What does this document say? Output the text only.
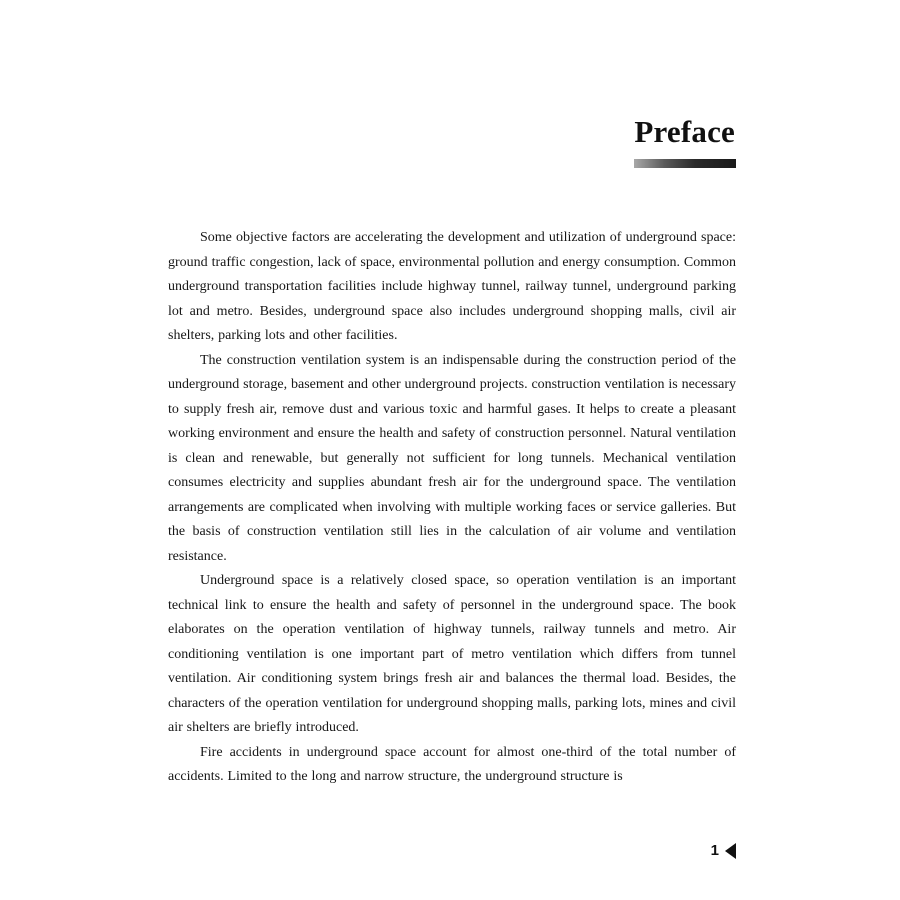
Preface

Some objective factors are accelerating the development and utilization of underground space: ground traffic congestion, lack of space, environmental pollution and energy consumption. Common underground transportation facilities include highway tunnel, railway tunnel, underground parking lot and metro. Besides, underground space also includes underground shopping malls, civil air shelters, parking lots and other facilities.

The construction ventilation system is an indispensable during the construction period of the underground storage, basement and other underground projects. construction ventilation is necessary to supply fresh air, remove dust and various toxic and harmful gases. It helps to create a pleasant working environment and ensure the health and safety of construction personnel. Natural ventilation is clean and renewable, but generally not sufficient for long tunnels. Mechanical ventilation consumes electricity and supplies abundant fresh air for the underground space. The ventilation arrangements are complicated when involving with multiple working faces or service galleries. But the basis of construction ventilation still lies in the calculation of air volume and ventilation resistance.

Underground space is a relatively closed space, so operation ventilation is an important technical link to ensure the health and safety of personnel in the underground space. The book elaborates on the operation ventilation of highway tunnels, railway tunnels and metro. Air conditioning ventilation is one important part of metro ventilation which differs from tunnel ventilation. Air conditioning system brings fresh air and balances the thermal load. Besides, the characters of the operation ventilation for underground shopping malls, parking lots, mines and civil air shelters are briefly introduced.

Fire accidents in underground space account for almost one-third of the total number of accidents. Limited to the long and narrow structure, the underground structure is

1
